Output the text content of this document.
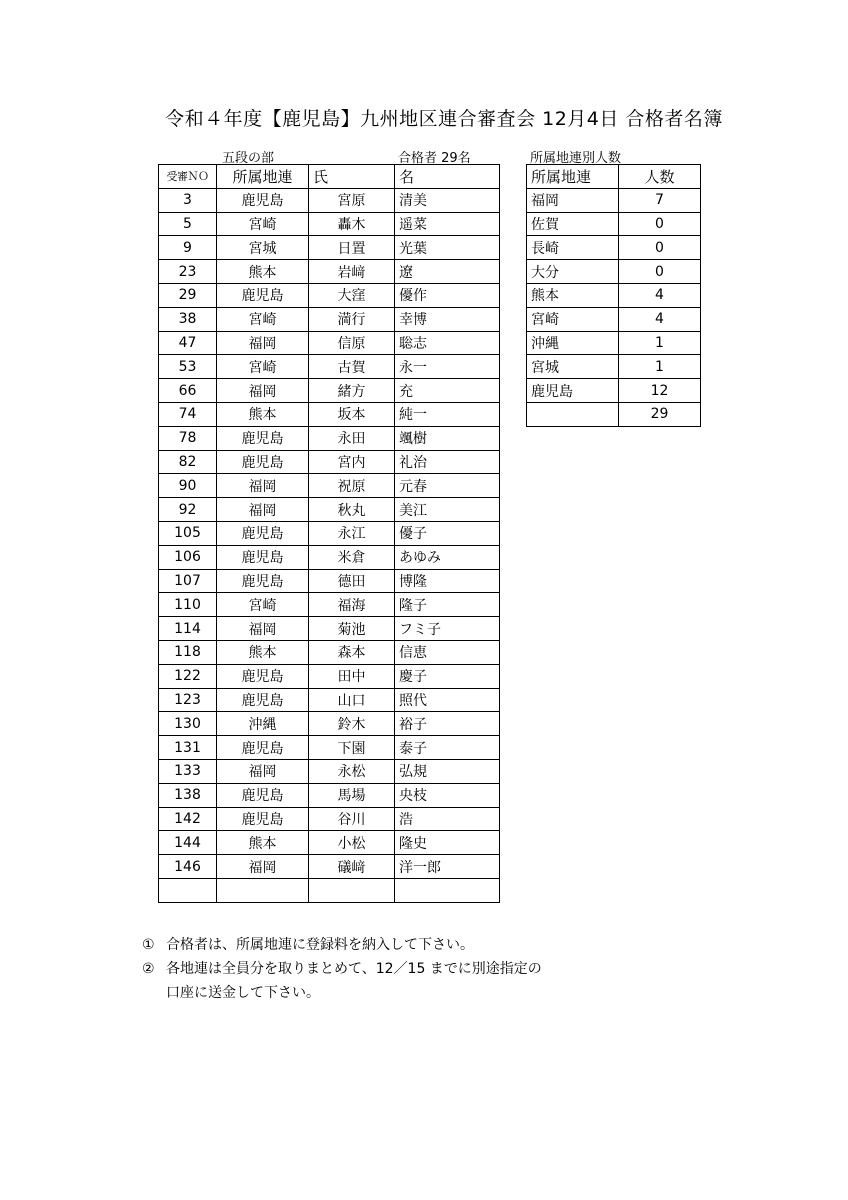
令和４年度【鹿児島】九州地区連合審査会 12月4日 合格者名簿
五段の部	合格者 29名	所属地連別人数
受審ＮＯ	所属地連	氏	名
3	鹿児島	宮原	清美
5	宮崎	轟木	遥菜
9	宮城	日置	光葉
23	熊本	岩﨑	遼
29	鹿児島	大窪	優作
38	宮崎	満行	幸博
47	福岡	信原	聡志
53	宮崎	古賀	永一
66	福岡	緒方	充
74	熊本	坂本	純一
78	鹿児島	永田	颯樹
82	鹿児島	宮内	礼治
90	福岡	祝原	元春
92	福岡	秋丸	美江
105	鹿児島	永江	優子
106	鹿児島	米倉	あゆみ
107	鹿児島	德田	博隆
110	宮崎	福海	隆子
114	福岡	菊池	フミ子
118	熊本	森本	信恵
122	鹿児島	田中	慶子
123	鹿児島	山口	照代
130	沖縄	鈴木	裕子
131	鹿児島	下園	泰子
133	福岡	永松	弘規
138	鹿児島	馬場	央枝
142	鹿児島	谷川	浩
144	熊本	小松	隆史
146	福岡	礒﨑	洋一郎

所属地連	人数
福岡	7
佐賀	0
長崎	0
大分	0
熊本	4
宮崎	4
沖縄	1
宮城	1
鹿児島	12
	29
① 合格者は、所属地連に登録料を納入して下さい。
② 各地連は全員分を取りまとめて、12／15 までに別途指定の
口座に送金して下さい。
